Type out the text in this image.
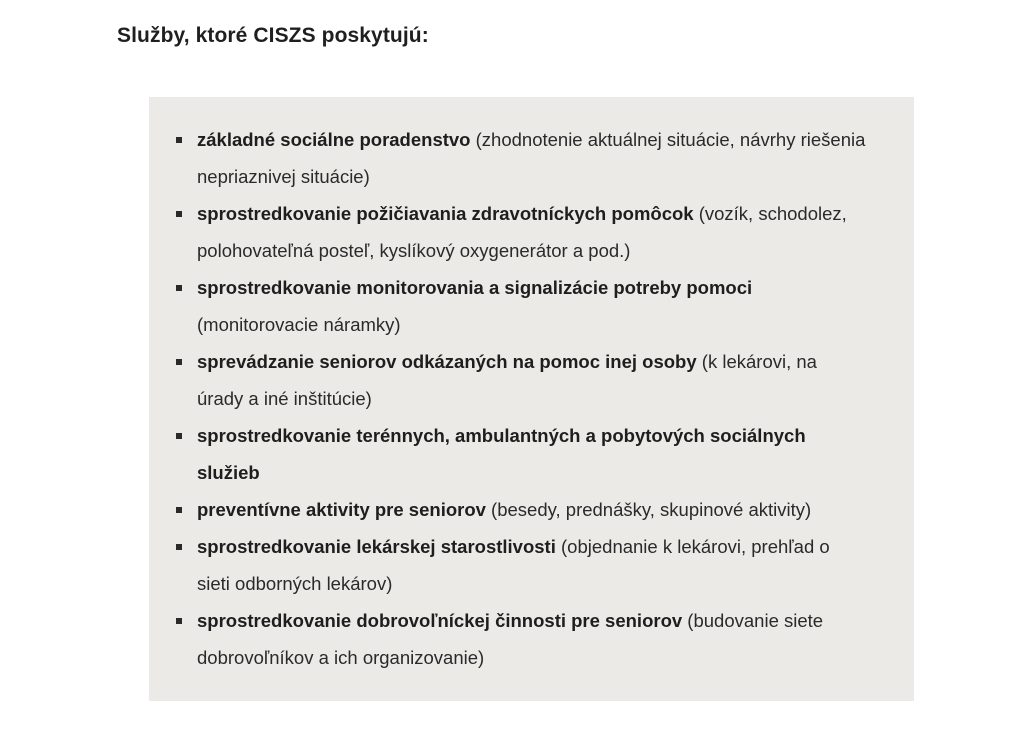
Služby, ktoré CISZS poskytujú:
základné sociálne poradenstvo (zhodnotenie aktuálnej situácie, návrhy riešenia nepriaznivej situácie)
sprostredkovanie požičiavania zdravotníckych pomôcok (vozík, schodolez, polohovateľná posteľ, kyslíkový oxygenerátor a pod.)
sprostredkovanie monitorovania a signalizácie potreby pomoci (monitorovacie náramky)
sprevádzanie seniorov odkázaných na pomoc inej osoby (k lekárovi, na úrady a iné inštitúcie)
sprostredkovanie terénnych, ambulantných a pobytových sociálnych služieb
preventívne aktivity pre seniorov (besedy, prednášky, skupinové aktivity)
sprostredkovanie lekárskej starostlivosti (objednanie k lekárovi, prehľad o sieti odborných lekárov)
sprostredkovanie dobrovoľníckej činnosti pre seniorov (budovanie siete dobrovoľníkov a ich organizovanie)
